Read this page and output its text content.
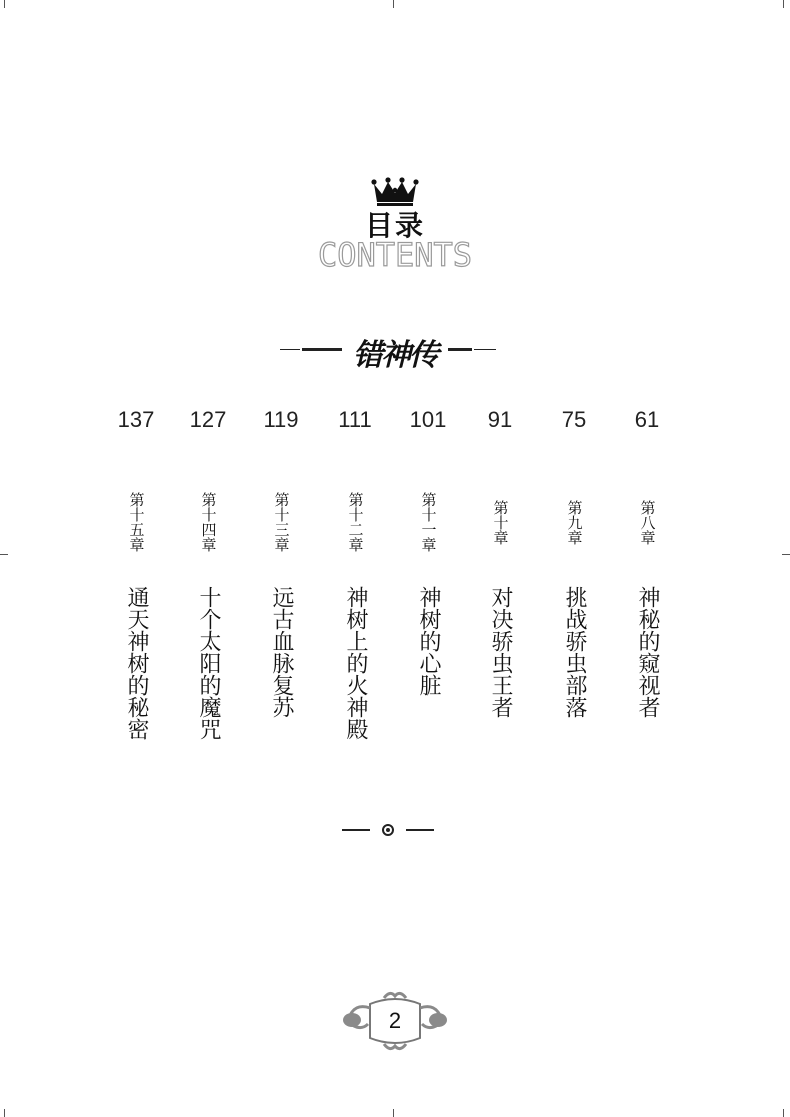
目录
CONTENTS
错神传
137
第十五章
通天神树的秘密
127
第十四章
十个太阳的魔咒
119
第十三章
远古血脉复苏
111
第十二章
神树上的火神殿
101
第十一章
神树的心脏
91
第十章
对决骄虫王者
75
第九章
挑战骄虫部落
61
第八章
神秘的窥视者
2
